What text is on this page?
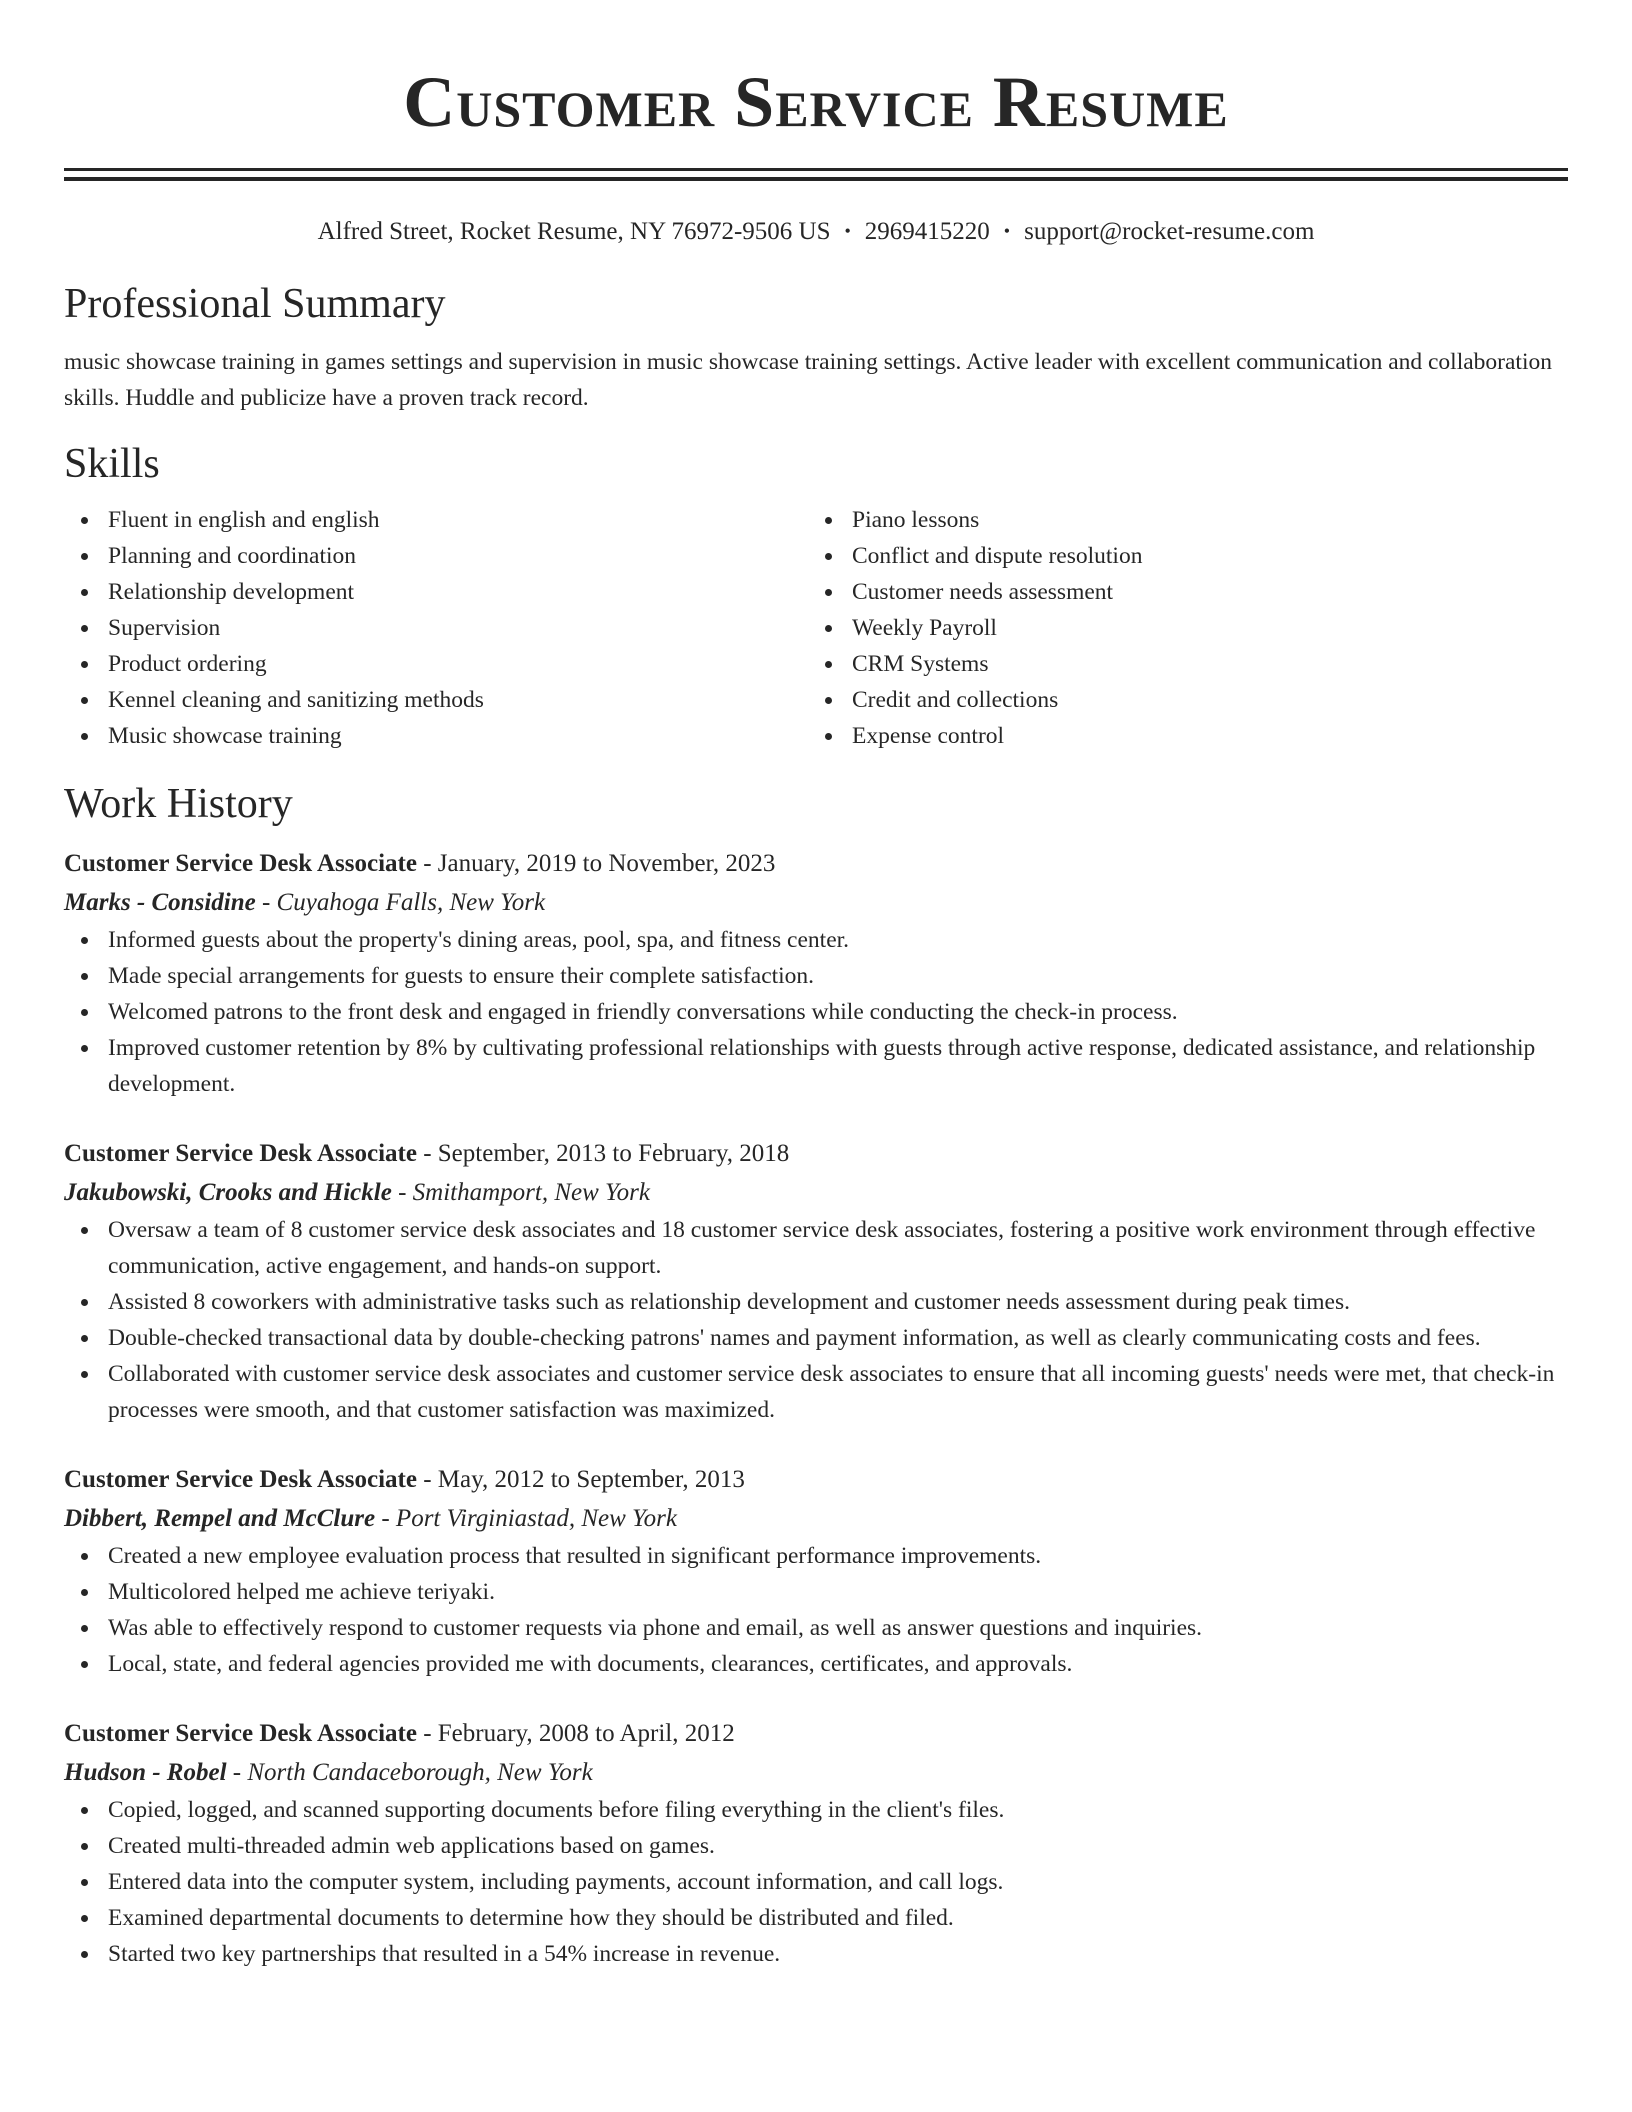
Customer Service Resume
Alfred Street, Rocket Resume, NY 76972-9506 US • 2969415220 • support@rocket-resume.com
Professional Summary
music showcase training in games settings and supervision in music showcase training settings. Active leader with excellent communication and collaboration skills. Huddle and publicize have a proven track record.
Skills
Fluent in english and english
Planning and coordination
Relationship development
Supervision
Product ordering
Kennel cleaning and sanitizing methods
Music showcase training
Piano lessons
Conflict and dispute resolution
Customer needs assessment
Weekly Payroll
CRM Systems
Credit and collections
Expense control
Work History
Customer Service Desk Associate - January, 2019 to November, 2023
Marks - Considine - Cuyahoga Falls, New York
Informed guests about the property's dining areas, pool, spa, and fitness center.
Made special arrangements for guests to ensure their complete satisfaction.
Welcomed patrons to the front desk and engaged in friendly conversations while conducting the check-in process.
Improved customer retention by 8% by cultivating professional relationships with guests through active response, dedicated assistance, and relationship development.
Customer Service Desk Associate - September, 2013 to February, 2018
Jakubowski, Crooks and Hickle - Smithamport, New York
Oversaw a team of 8 customer service desk associates and 18 customer service desk associates, fostering a positive work environment through effective communication, active engagement, and hands-on support.
Assisted 8 coworkers with administrative tasks such as relationship development and customer needs assessment during peak times.
Double-checked transactional data by double-checking patrons' names and payment information, as well as clearly communicating costs and fees.
Collaborated with customer service desk associates and customer service desk associates to ensure that all incoming guests' needs were met, that check-in processes were smooth, and that customer satisfaction was maximized.
Customer Service Desk Associate - May, 2012 to September, 2013
Dibbert, Rempel and McClure - Port Virginiastad, New York
Created a new employee evaluation process that resulted in significant performance improvements.
Multicolored helped me achieve teriyaki.
Was able to effectively respond to customer requests via phone and email, as well as answer questions and inquiries.
Local, state, and federal agencies provided me with documents, clearances, certificates, and approvals.
Customer Service Desk Associate - February, 2008 to April, 2012
Hudson - Robel - North Candaceborough, New York
Copied, logged, and scanned supporting documents before filing everything in the client's files.
Created multi-threaded admin web applications based on games.
Entered data into the computer system, including payments, account information, and call logs.
Examined departmental documents to determine how they should be distributed and filed.
Started two key partnerships that resulted in a 54% increase in revenue.
